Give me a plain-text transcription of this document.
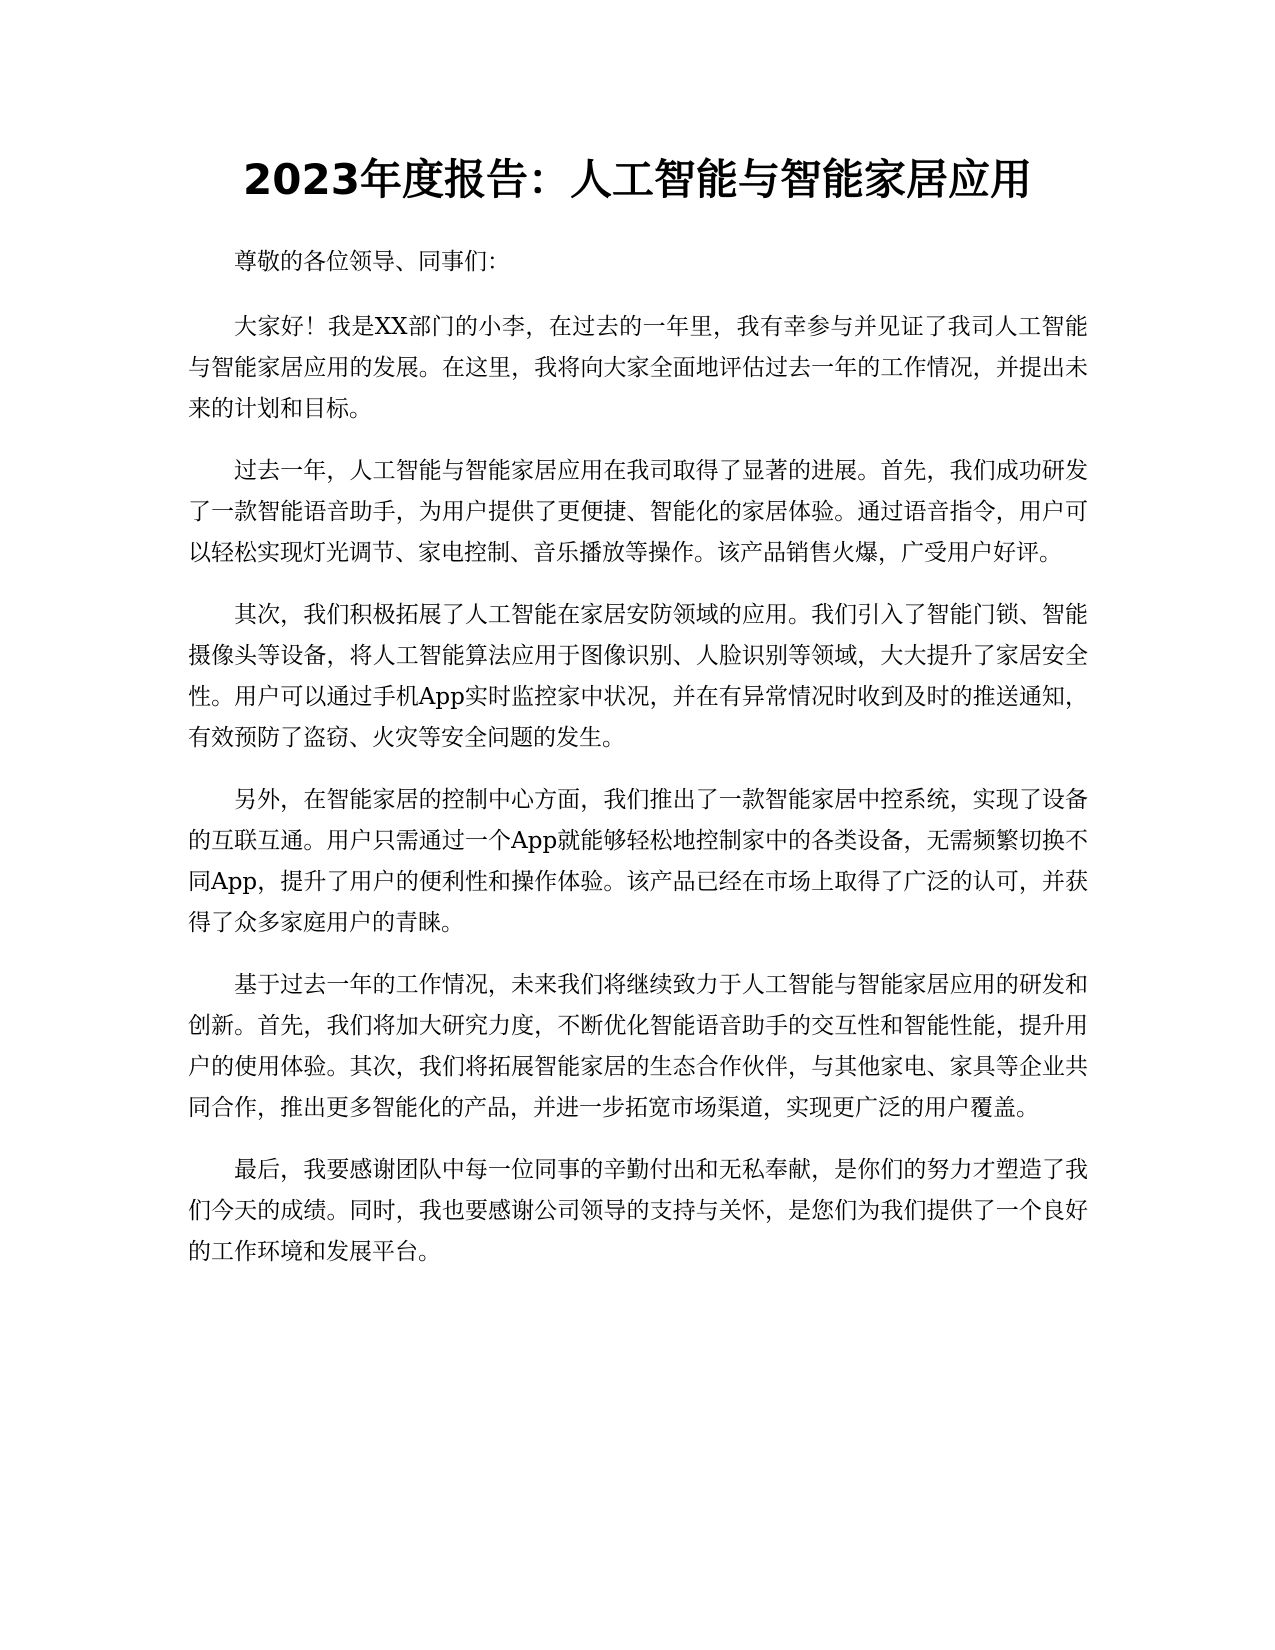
2023年度报告：人工智能与智能家居应用

尊敬的各位领导、同事们：

大家好！我是XX部门的小李，在过去的一年里，我有幸参与并见证了我司人工智能与智能家居应用的发展。在这里，我将向大家全面地评估过去一年的工作情况，并提出未来的计划和目标。

过去一年，人工智能与智能家居应用在我司取得了显著的进展。首先，我们成功研发了一款智能语音助手，为用户提供了更便捷、智能化的家居体验。通过语音指令，用户可以轻松实现灯光调节、家电控制、音乐播放等操作。该产品销售火爆，广受用户好评。

其次，我们积极拓展了人工智能在家居安防领域的应用。我们引入了智能门锁、智能摄像头等设备，将人工智能算法应用于图像识别、人脸识别等领域，大大提升了家居安全性。用户可以通过手机App实时监控家中状况，并在有异常情况时收到及时的推送通知，有效预防了盗窃、火灾等安全问题的发生。

另外，在智能家居的控制中心方面，我们推出了一款智能家居中控系统，实现了设备的互联互通。用户只需通过一个App就能够轻松地控制家中的各类设备，无需频繁切换不同App，提升了用户的便利性和操作体验。该产品已经在市场上取得了广泛的认可，并获得了众多家庭用户的青睐。

基于过去一年的工作情况，未来我们将继续致力于人工智能与智能家居应用的研发和创新。首先，我们将加大研究力度，不断优化智能语音助手的交互性和智能性能，提升用户的使用体验。其次，我们将拓展智能家居的生态合作伙伴，与其他家电、家具等企业共同合作，推出更多智能化的产品，并进一步拓宽市场渠道，实现更广泛的用户覆盖。

最后，我要感谢团队中每一位同事的辛勤付出和无私奉献，是你们的努力才塑造了我们今天的成绩。同时，我也要感谢公司领导的支持与关怀，是您们为我们提供了一个良好的工作环境和发展平台。
